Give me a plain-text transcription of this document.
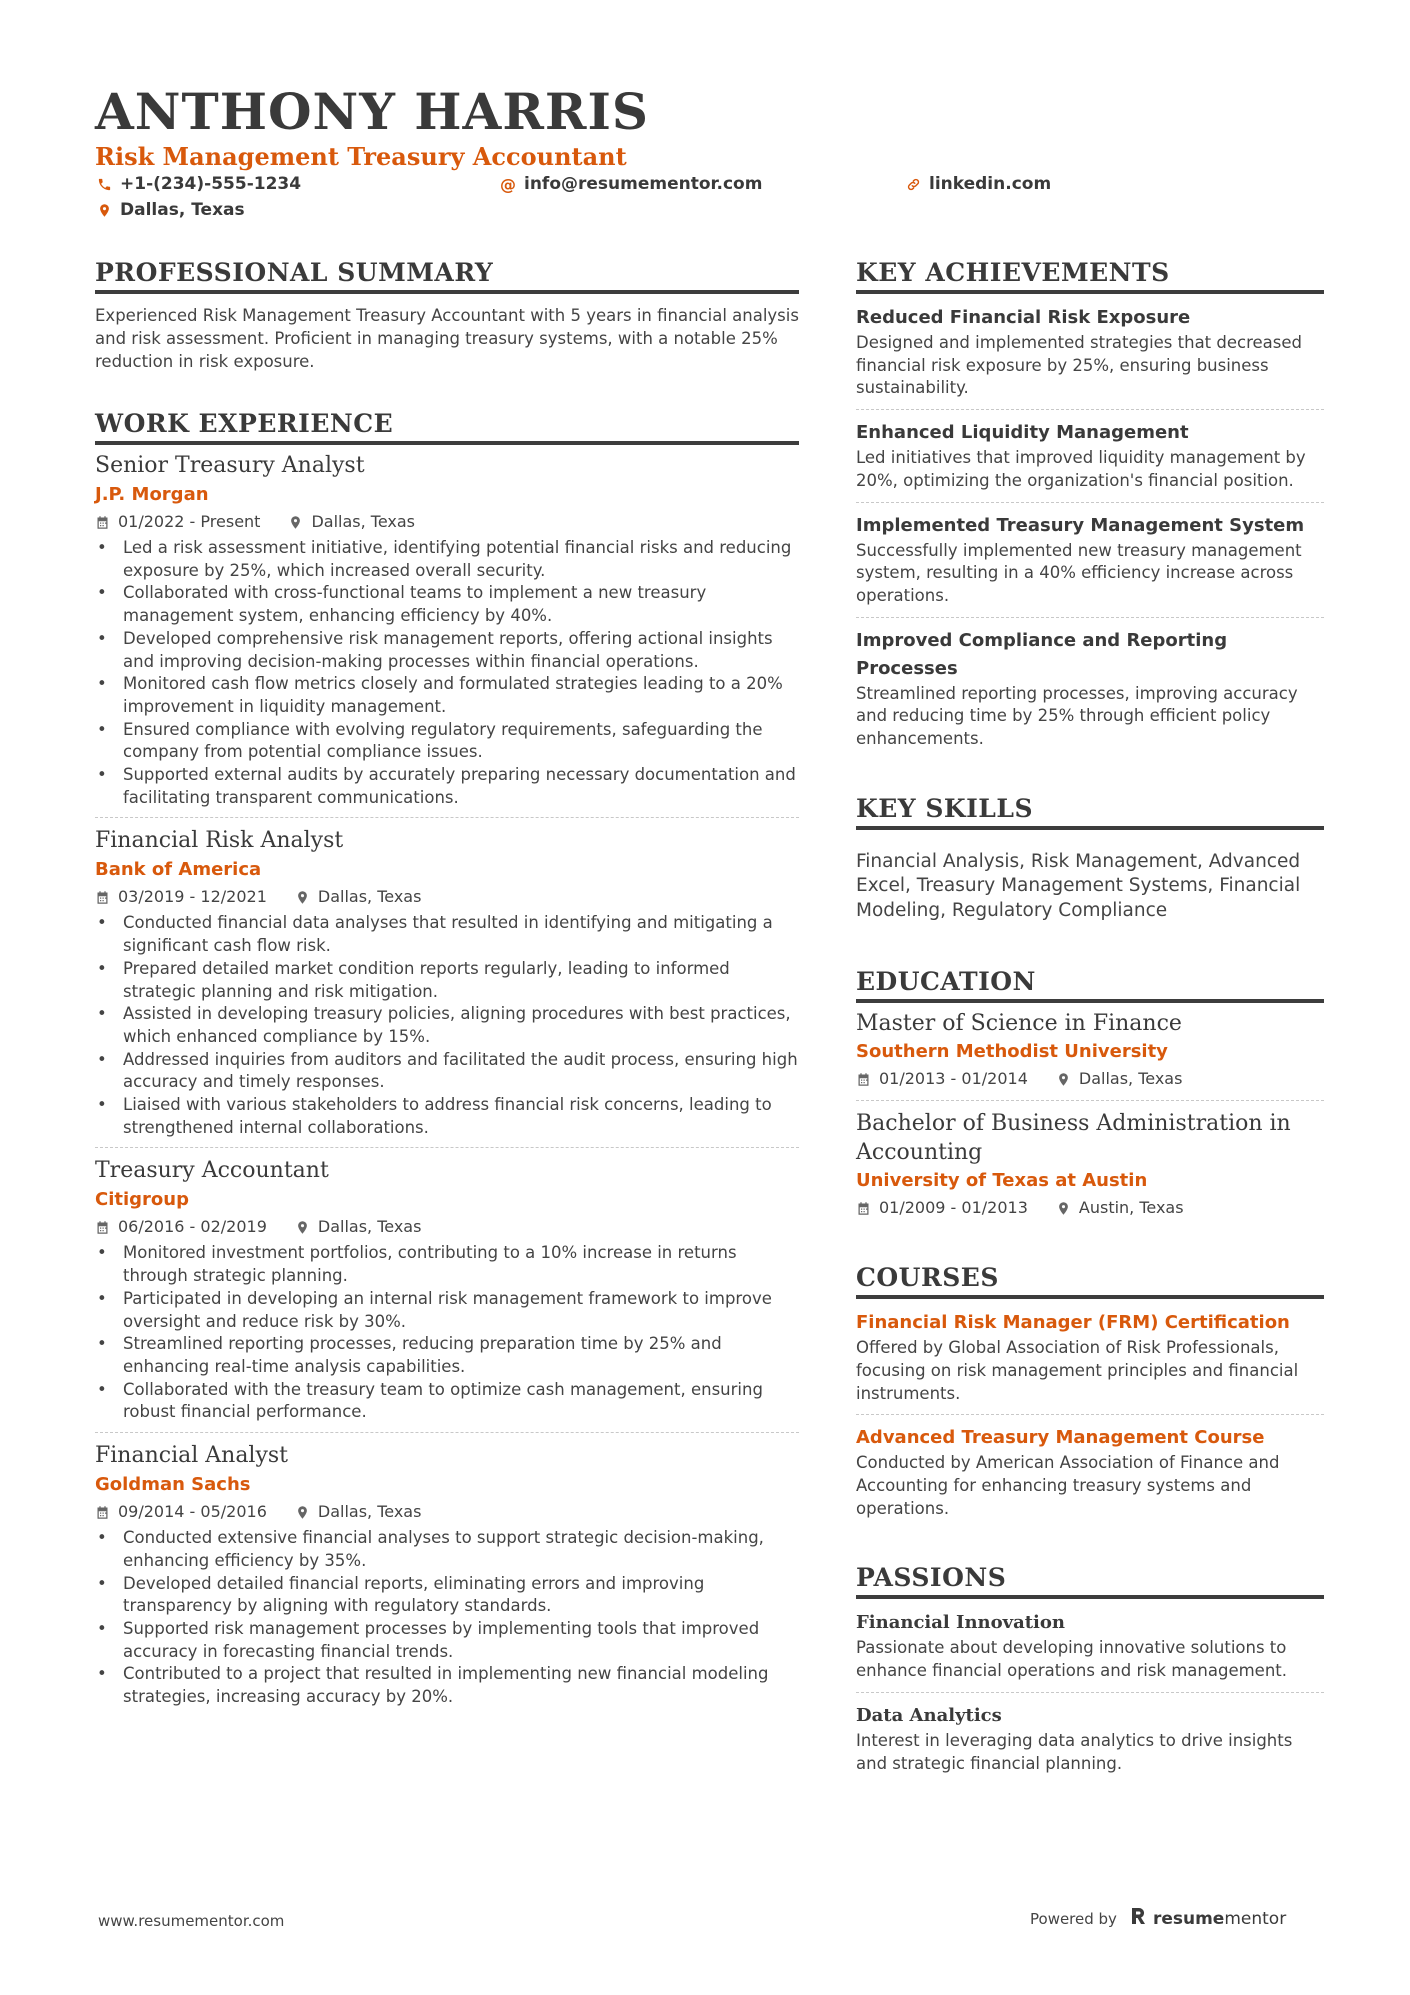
ANTHONY HARRIS
Risk Management Treasury Accountant
+1-(234)-555-1234	@ info@resumementor.com	linkedin.com
Dallas, Texas
PROFESSIONAL SUMMARY
Experienced Risk Management Treasury Accountant with 5 years in financial analysis and risk assessment. Proficient in managing treasury systems, with a notable 25% reduction in risk exposure.
WORK EXPERIENCE
Senior Treasury Analyst
J.P. Morgan
01/2022 - Present	Dallas, Texas
• Led a risk assessment initiative, identifying potential financial risks and reducing exposure by 25%, which increased overall security.
• Collaborated with cross-functional teams to implement a new treasury management system, enhancing efficiency by 40%.
• Developed comprehensive risk management reports, offering actional insights and improving decision-making processes within financial operations.
• Monitored cash flow metrics closely and formulated strategies leading to a 20% improvement in liquidity management.
• Ensured compliance with evolving regulatory requirements, safeguarding the company from potential compliance issues.
• Supported external audits by accurately preparing necessary documentation and facilitating transparent communications.
Financial Risk Analyst
Bank of America
03/2019 - 12/2021	Dallas, Texas
• Conducted financial data analyses that resulted in identifying and mitigating a significant cash flow risk.
• Prepared detailed market condition reports regularly, leading to informed strategic planning and risk mitigation.
• Assisted in developing treasury policies, aligning procedures with best practices, which enhanced compliance by 15%.
• Addressed inquiries from auditors and facilitated the audit process, ensuring high accuracy and timely responses.
• Liaised with various stakeholders to address financial risk concerns, leading to strengthened internal collaborations.
Treasury Accountant
Citigroup
06/2016 - 02/2019	Dallas, Texas
• Monitored investment portfolios, contributing to a 10% increase in returns through strategic planning.
• Participated in developing an internal risk management framework to improve oversight and reduce risk by 30%.
• Streamlined reporting processes, reducing preparation time by 25% and enhancing real-time analysis capabilities.
• Collaborated with the treasury team to optimize cash management, ensuring robust financial performance.
Financial Analyst
Goldman Sachs
09/2014 - 05/2016	Dallas, Texas
• Conducted extensive financial analyses to support strategic decision-making, enhancing efficiency by 35%.
• Developed detailed financial reports, eliminating errors and improving transparency by aligning with regulatory standards.
• Supported risk management processes by implementing tools that improved accuracy in forecasting financial trends.
• Contributed to a project that resulted in implementing new financial modeling strategies, increasing accuracy by 20%.
KEY ACHIEVEMENTS
Reduced Financial Risk Exposure
Designed and implemented strategies that decreased financial risk exposure by 25%, ensuring business sustainability.
Enhanced Liquidity Management
Led initiatives that improved liquidity management by 20%, optimizing the organization's financial position.
Implemented Treasury Management System
Successfully implemented new treasury management system, resulting in a 40% efficiency increase across operations.
Improved Compliance and Reporting Processes
Streamlined reporting processes, improving accuracy and reducing time by 25% through efficient policy enhancements.
KEY SKILLS
Financial Analysis, Risk Management, Advanced Excel, Treasury Management Systems, Financial Modeling, Regulatory Compliance
EDUCATION
Master of Science in Finance
Southern Methodist University
01/2013 - 01/2014	Dallas, Texas
Bachelor of Business Administration in Accounting
University of Texas at Austin
01/2009 - 01/2013	Austin, Texas
COURSES
Financial Risk Manager (FRM) Certification
Offered by Global Association of Risk Professionals, focusing on risk management principles and financial instruments.
Advanced Treasury Management Course
Conducted by American Association of Finance and Accounting for enhancing treasury systems and operations.
PASSIONS
Financial Innovation
Passionate about developing innovative solutions to enhance financial operations and risk management.
Data Analytics
Interest in leveraging data analytics to drive insights and strategic financial planning.
www.resumementor.com	Powered by resumementor
